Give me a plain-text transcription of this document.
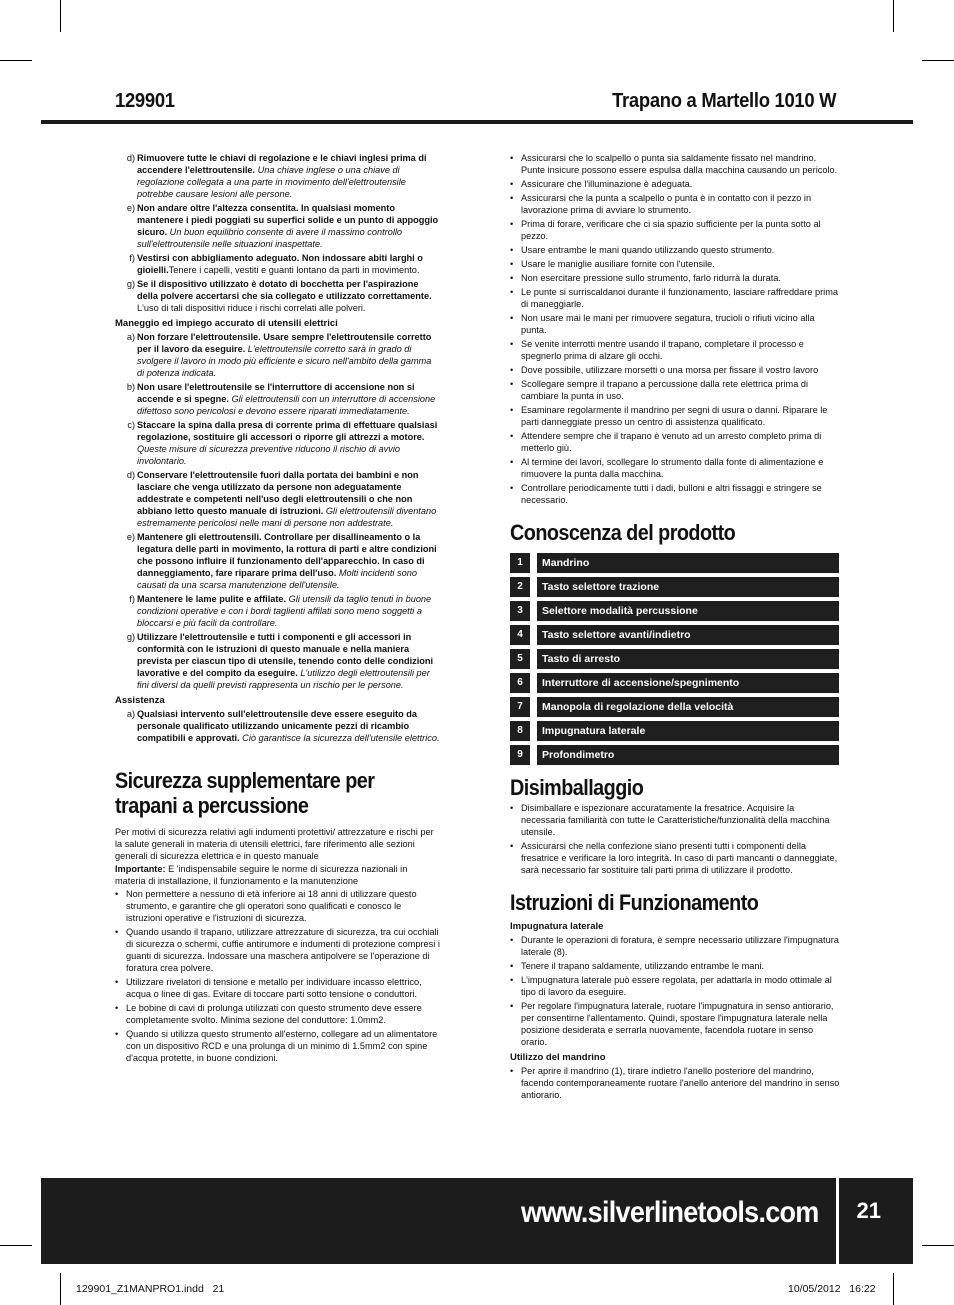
129901	Trapano a Martello 1010 W
d) Rimuovere tutte le chiavi di regolazione e le chiavi inglesi prima di accendere l'elettroutensile. Una chiave inglese o una chiave di regolazione collegata a una parte in movimento dell'elettroutensile potrebbe causare lesioni alle persone.
e) Non andare oltre l'altezza consentita. In qualsiasi momento mantenere i piedi poggiati su superfici solide e un punto di appoggio sicuro. Un buon equilibrio consente di avere il massimo controllo sull'elettroutensile nelle situazioni inaspettate.
f) Vestirsi con abbigliamento adeguato. Non indossare abiti larghi o gioielli.Tenere i capelli, vestiti e guanti lontano da parti in movimento.
g) Se il dispositivo utilizzato è dotato di bocchetta per l'aspirazione della polvere accertarsi che sia collegato e utilizzato correttamente. L'uso di tali dispositivi riduce i rischi correlati alle polveri.
Maneggio ed impiego accurato di utensili elettrici
a) Non forzare l'elettroutensile. Usare sempre l'elettroutensile corretto per il lavoro da eseguire. L'elettroutensile corretto sarà in grado di svolgere il lavoro in modo più efficiente e sicuro nell'ambito della gamma di potenza indicata.
b) Non usare l'elettroutensile se l'interruttore di accensione non si accende e si spegne. Gli elettroutensili con un interruttore di accensione difettoso sono pericolosi e devono essere riparati immediatamente.
c) Staccare la spina dalla presa di corrente prima di effettuare qualsiasi regolazione, sostituire gli accessori o riporre gli attrezzi a motore. Queste misure di sicurezza preventive riducono il rischio di avvio involontario.
d) Conservare l'elettroutensile fuori dalla portata dei bambini e non lasciare che venga utilizzato da persone non adeguatamente addestrate e competenti nell'uso degli elettroutensili o che non abbiano letto questo manuale di istruzioni. Gli elettroutensili diventano estremamente pericolosi nelle mani di persone non addestrate.
e) Mantenere gli elettroutensili. Controllare per disallineamento o la legatura delle parti in movimento, la rottura di parti e altre condizioni che possono influire il funzionamento dell'apparecchio. In caso di danneggiamento, fare riparare prima dell'uso. Molti incidenti sono causati da una scarsa manutenzione dell'utensile.
f) Mantenere le lame pulite e affilate. Gli utensili da taglio tenuti in buone condizioni operative e con i bordi taglienti affilati sono meno soggetti a bloccarsi e più facili da controllare.
g) Utilizzare l'elettroutensile e tutti i componenti e gli accessori in conformità con le istruzioni di questo manuale e nella maniera prevista per ciascun tipo di utensile, tenendo conto delle condizioni lavorative e del compito da eseguire. L'utilizzo degli elettroutensili per fini diversi da quelli previsti rappresenta un rischio per le persone.
Assistenza
a) Qualsiasi intervento sull'elettroutensile deve essere eseguito da personale qualificato utilizzando unicamente pezzi di ricambio compatibili e approvati. Ciò garantisce la sicurezza dell'utensile elettrico.
Sicurezza supplementare per trapani a percussione
Per motivi di sicurezza relativi agli indumenti protettivi/ attrezzature e rischi per la salute generali in materia di utensili elettrici, fare riferimento alle sezioni generali di sicurezza elettrica e in questo manuale
Importante: E 'indispensabile seguire le norme di sicurezza nazionali in materia di installazione, il funzionamento e la manutenzione
• Non permettere a nessuno di età inferiore ai 18 anni di utilizzare questo strumento, e garantire che gli operatori sono qualificati e conosco le istruzioni operative e l'istruzioni di sicurezza.
• Quando usando il trapano, utilizzare attrezzature di sicurezza, tra cui occhiali di sicurezza o schermi, cuffie antirumore e indumenti di protezione compresi i guanti di sicurezza. Indossare una maschera antipolvere se l'operazione di foratura crea polvere.
• Utilizzare rivelatori di tensione e metallo per individuare incasso elettrico, acqua o linee di gas. Evitare di toccare parti sotto tensione o conduttori.
• Le bobine di cavi di prolunga utilizzati con questo strumento deve essere completamente svolto. Minima sezione del conduttore: 1.0mm2.
• Quando si utilizza questo strumento all'esterno, collegare ad un alimentatore con un dispositivo RCD e una prolunga di un minimo di 1.5mm2 con spine d'acqua protette, in buone condizioni.
• Assicurarsi che lo scalpello o punta sia saldamente fissato nel mandrino. Punte insicure possono essere espulsa dalla macchina causando un pericolo.
• Assicurare che l'illuminazione è adeguata.
• Assicurarsi che la punta a scalpello o punta è in contatto con il pezzo in lavorazione prima di avviare lo strumento.
• Prima di forare, verificare che ci sia spazio sufficiente per la punta sotto al pezzo.
• Usare entrambe le mani quando utilizzando questo strumento.
• Usare le maniglie ausiliare fornite con l'utensile.
• Non esercitare pressione sullo strumento, farlo ridurrà la durata.
• Le punte si surriscaldanoi durante il funzionamento, lasciare raffreddare prima di maneggiarle.
• Non usare mai le mani per rimuovere segatura, trucioli o rifiuti vicino alla punta.
• Se venite interrotti mentre usando il trapano, completare il processo e spegnerlo prima di alzare gli occhi.
• Dove possibile, utilizzare morsetti o una morsa per fissare il vostro lavoro
• Scollegare sempre il trapano a percussione dalla rete elettrica prima di cambiare la punta in uso.
• Esaminare regolarmente il mandrino per segni di usura o danni. Riparare le parti danneggiate presso un centro di assistenza qualificato.
• Attendere sempre che il trapano è venuto ad un arresto completo prima di metterlo giù.
• Al termine dei lavori, scollegare lo strumento dalla fonte di alimentazione e rimuovere la punta dalla macchina.
• Controllare periodicamente tutti i dadi, bulloni e altri fissaggi e stringere se necessario.
Conoscenza del prodotto
1	Mandrino
2	Tasto selettore trazione
3	Selettore modalità percussione
4	Tasto selettore avanti/indietro
5	Tasto di arresto
6	Interruttore di accensione/spegnimento
7	Manopola di regolazione della velocità
8	Impugnatura laterale
9	Profondimetro
Disimballaggio
• Disimballare e ispezionare accuratamente la fresatrice. Acquisire la necessaria familiarità con tutte le Caratteristiche/funzionalità della macchina utensile.
• Assicurarsi che nella confezione siano presenti tutti i componenti della fresatrice e verificare la loro integrità. In caso di parti mancanti o danneggiate, sarà necessario far sostituire tali parti prima di utilizzare il prodotto.
Istruzioni di Funzionamento
Impugnatura laterale
• Durante le operazioni di foratura, è sempre necessario utilizzare l'impugnatura laterale (8).
• Tenere il trapano saldamente, utilizzando entrambe le mani.
• L'impugnatura laterale può essere regolata, per adattarla in modo ottimale al tipo di lavoro da eseguire.
• Per regolare l'impugnatura laterale, ruotare l'impugnatura in senso antiorario, per consentirne l'allentamento. Quindi, spostare l'impugnatura laterale nella posizione desiderata e serrarla nuovamente, facendola ruotare in senso orario.
Utilizzo del mandrino
• Per aprire il mandrino (1), tirare indietro l'anello posteriore del mandrino, facendo contemporaneamente ruotare l'anello anteriore del mandrino in senso antiorario.
www.silverlinetools.com 21
129901_Z1MANPRO1.indd   21	10/05/2012   16:22
